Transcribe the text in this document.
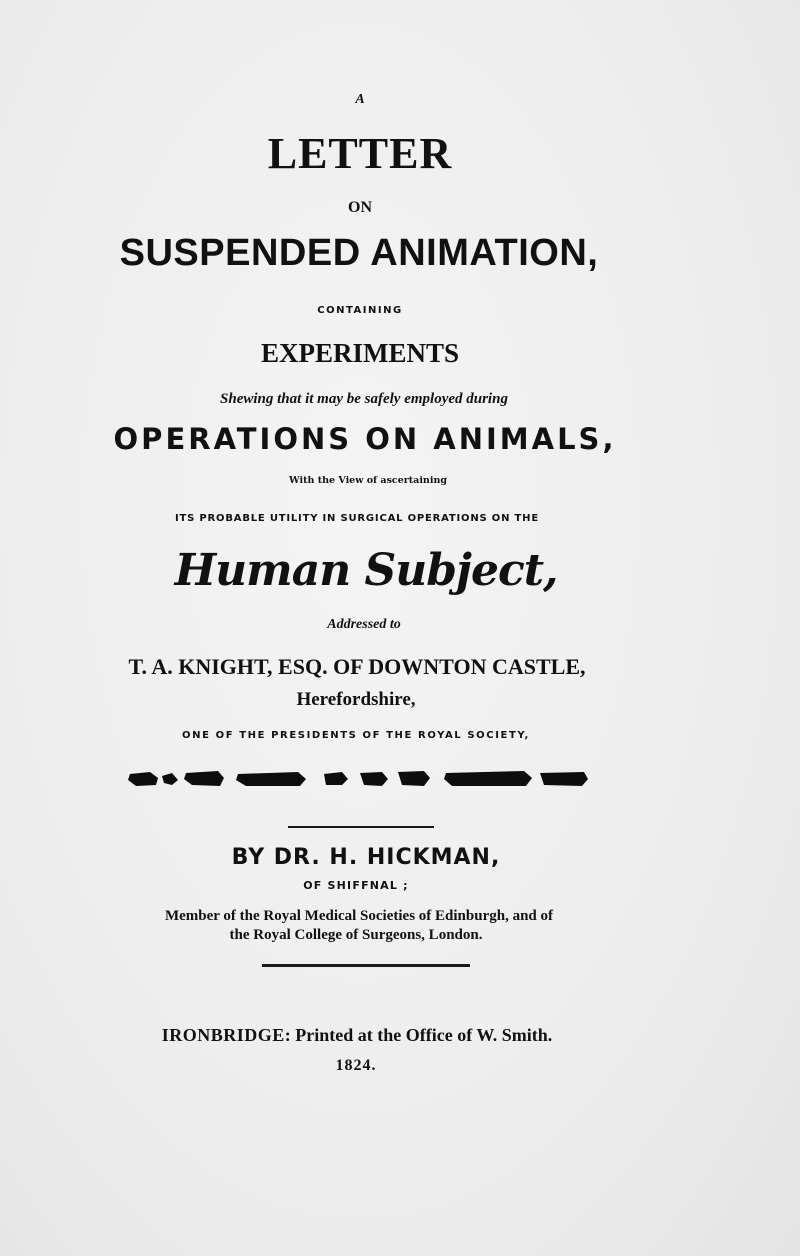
A
LETTER
ON
SUSPENDED ANIMATION,
CONTAINING
EXPERIMENTS
Shewing that it may be safely employed during
OPERATIONS ON ANIMALS,
With the View of ascertaining
ITS PROBABLE UTILITY IN SURGICAL OPERATIONS ON THE
Human Subject,
Addressed to
T. A. KNIGHT, ESQ. OF DOWNTON CASTLE,
Herefordshire,
ONE OF THE PRESIDENTS OF THE ROYAL SOCIETY,
BY DR. H. HICKMAN,
OF SHIFFNAL ;
Member of the Royal Medical Societies of Edinburgh, and of
the Royal College of Surgeons, London.
IRONBRIDGE: Printed at the Office of W. Smith.
1824.
